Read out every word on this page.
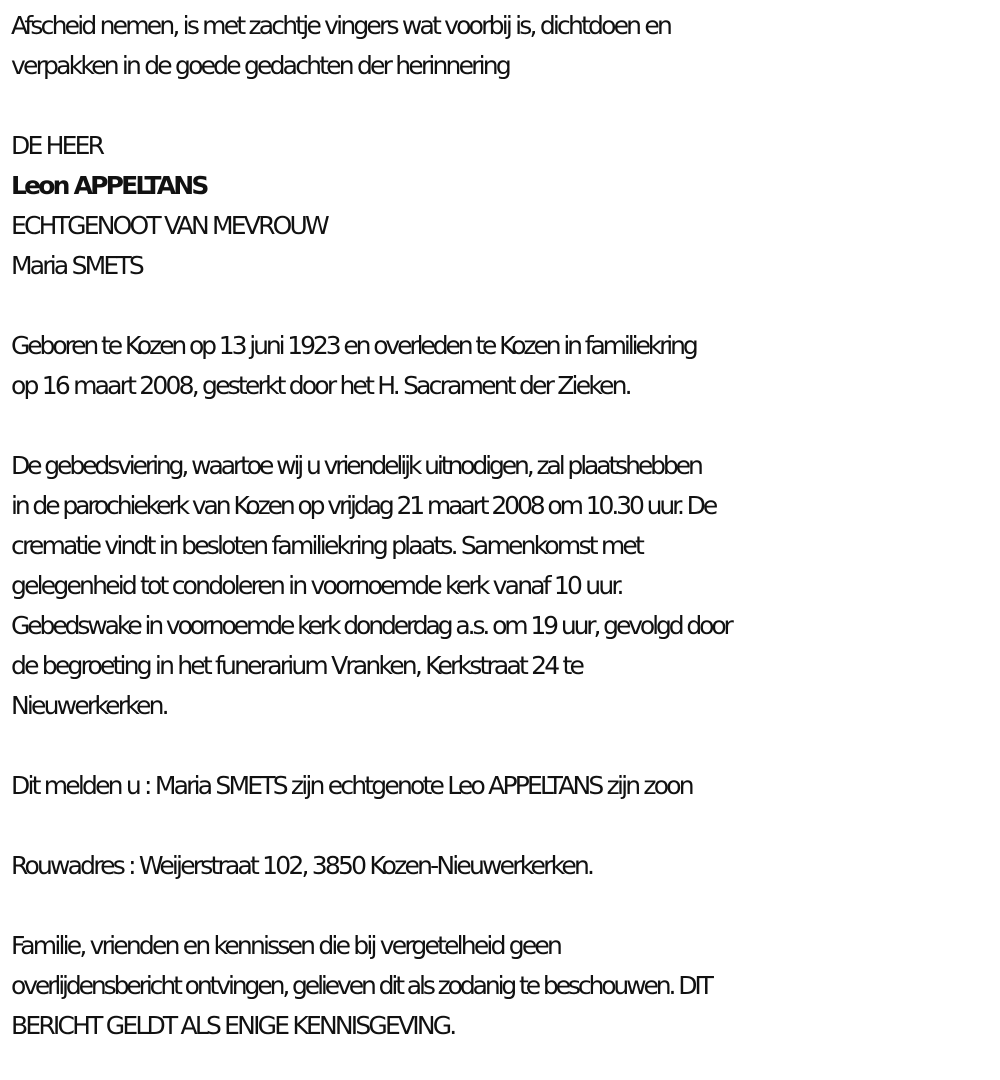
Afscheid nemen, is met zachtje vingers wat voorbij is, dichtdoen en
verpakken in de goede gedachten der herinnering
DE HEER
Leon APPELTANS
ECHTGENOOT VAN MEVROUW
Maria SMETS
Geboren te Kozen op 13 juni 1923 en overleden te Kozen in familiekring
op 16 maart 2008, gesterkt door het H. Sacrament der Zieken.
De gebedsviering, waartoe wij u vriendelijk uitnodigen, zal plaatshebben
in de parochiekerk van Kozen op vrijdag 21 maart 2008 om 10.30 uur. De
crematie vindt in besloten familiekring plaats. Samenkomst met
gelegenheid tot condoleren in voornoemde kerk vanaf 10 uur.
Gebedswake in voornoemde kerk donderdag a.s. om 19 uur, gevolgd door
de begroeting in het funerarium Vranken, Kerkstraat 24 te
Nieuwerkerken.
Dit melden u : Maria SMETS zijn echtgenote Leo APPELTANS zijn zoon
Rouwadres : Weijerstraat 102, 3850 Kozen-Nieuwerkerken.
Familie, vrienden en kennissen die bij vergetelheid geen
overlijdensbericht ontvingen, gelieven dit als zodanig te beschouwen. DIT
BERICHT GELDT ALS ENIGE KENNISGEVING.
